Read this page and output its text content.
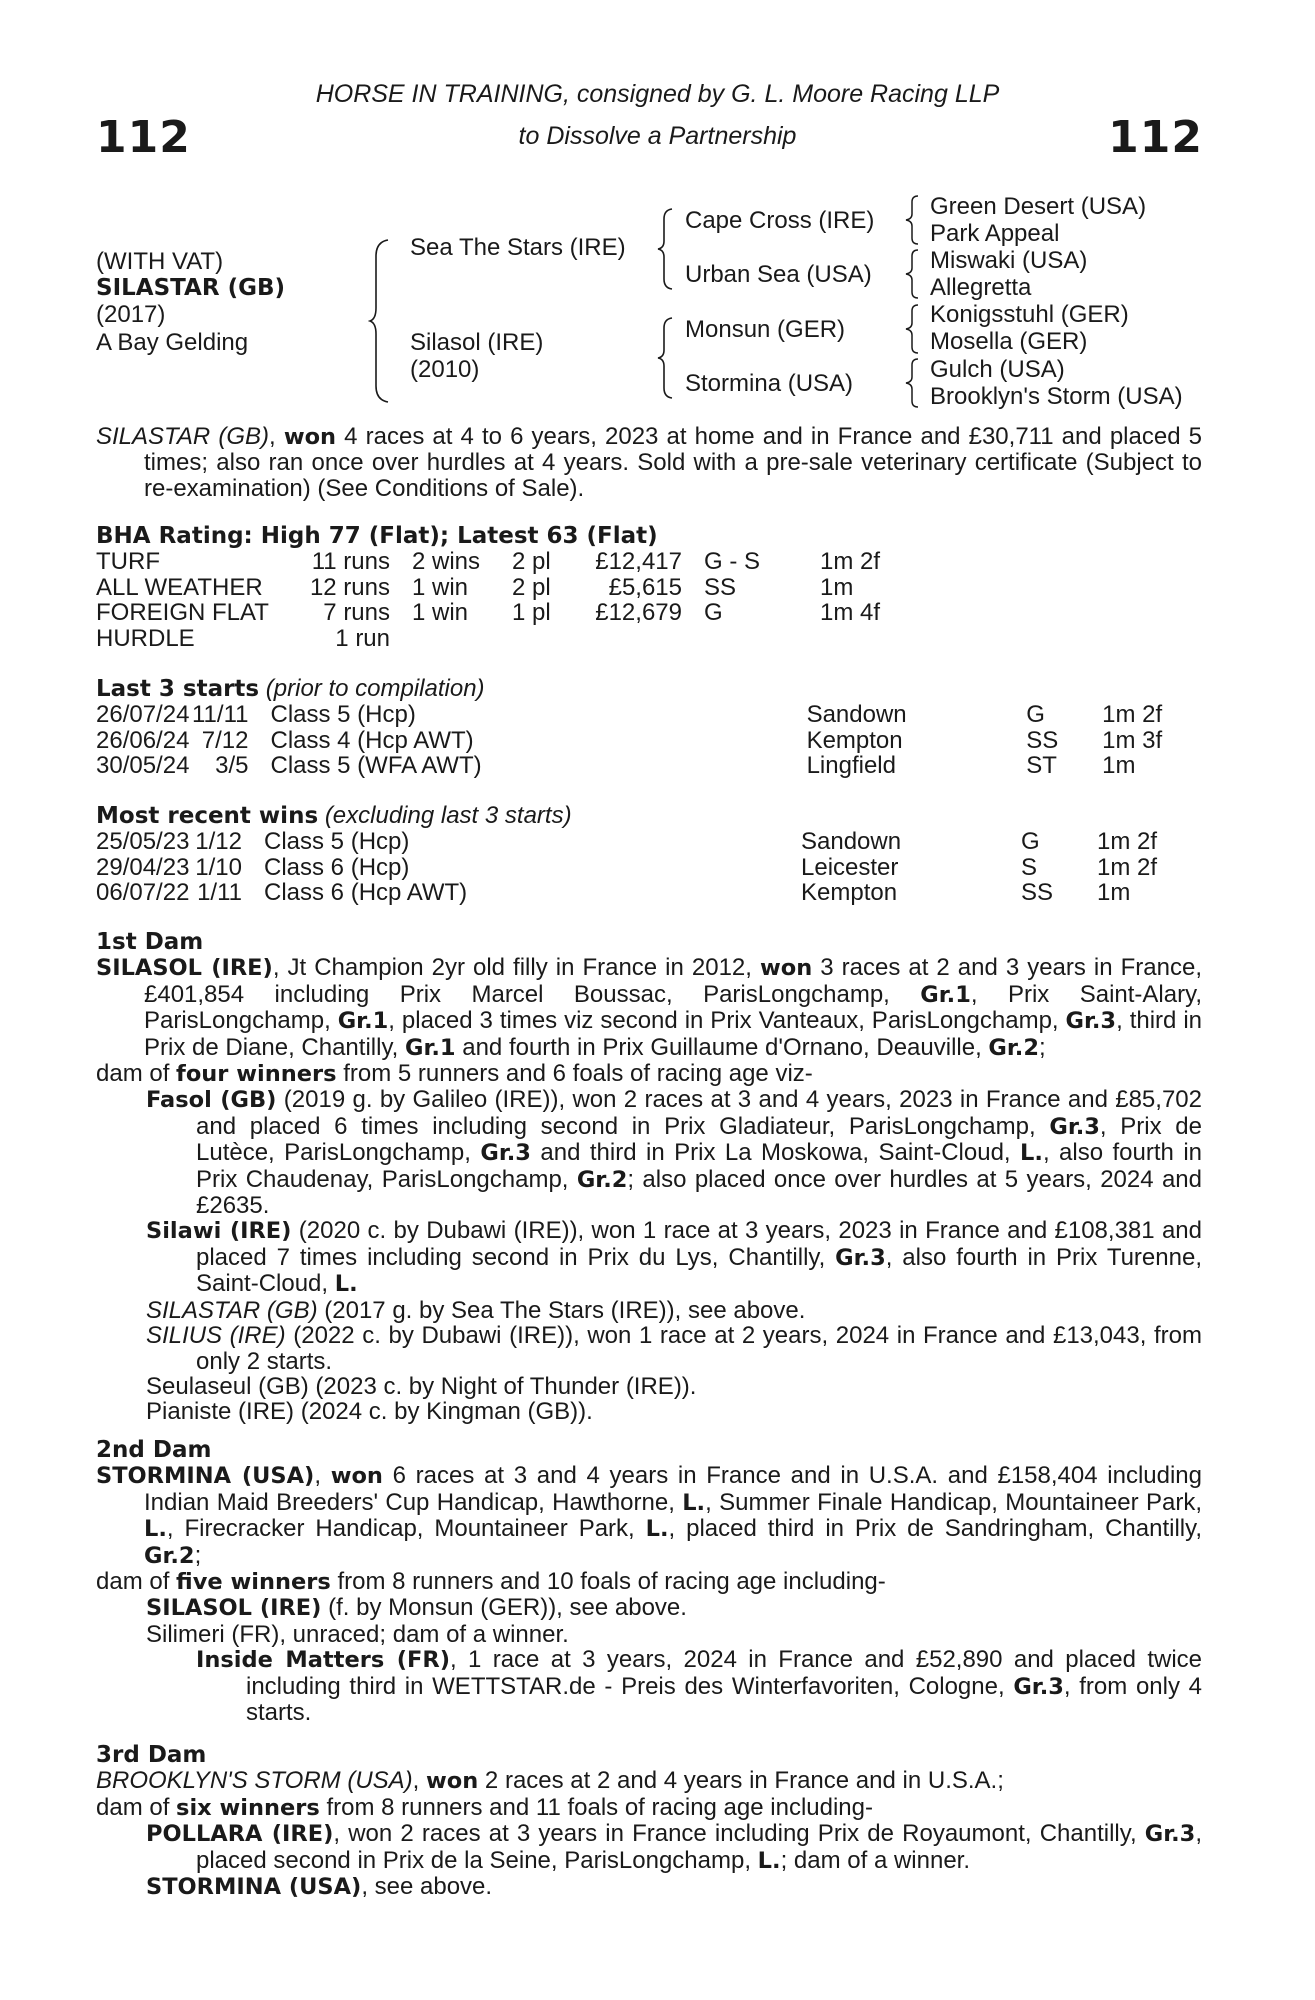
112	112
HORSE IN TRAINING, consigned by G. L. Moore Racing LLP
to Dissolve a Partnership
(WITH VAT)
SILASTAR (GB)
(2017)
A Bay Gelding
Sea The Stars (IRE)
Silasol (IRE)
(2010)
Cape Cross (IRE)
Urban Sea (USA)
Monsun (GER)
Stormina (USA)
Green Desert (USA)
Park Appeal
Miswaki (USA)
Allegretta
Konigsstuhl (GER)
Mosella (GER)
Gulch (USA)
Brooklyn's Storm (USA)

SILASTAR (GB), won 4 races at 4 to 6 years, 2023 at home and in France and £30,711 and placed 5 times; also ran once over hurdles at 4 years. Sold with a pre-sale veterinary certificate (Subject to re-examination) (See Conditions of Sale).

BHA Rating: High 77 (Flat); Latest 63 (Flat)
TURF	11 runs	2 wins	2 pl	£12,417	G - S	1m 2f
ALL WEATHER	12 runs	1 win	2 pl	£5,615	SS	1m
FOREIGN FLAT	7 runs	1 win	1 pl	£12,679	G	1m 4f
HURDLE	1 run					
Last 3 starts (prior to compilation)
26/07/24	11/11	Class 5 (Hcp)	Sandown	G	1m 2f
26/06/24	7/12	Class 4 (Hcp AWT)	Kempton	SS	1m 3f
30/05/24	3/5	Class 5 (WFA AWT)	Lingfield	ST	1m
Most recent wins (excluding last 3 starts)
25/05/23	1/12	Class 5 (Hcp)	Sandown	G	1m 2f
29/04/23	1/10	Class 6 (Hcp)	Leicester	S	1m 2f
06/07/22	1/11	Class 6 (Hcp AWT)	Kempton	SS	1m
1st Dam

SILASOL (IRE), Jt Champion 2yr old filly in France in 2012, won 3 races at 2 and 3 years in France, £401,854 including Prix Marcel Boussac, ParisLongchamp, Gr.1, Prix Saint-Alary, ParisLongchamp, Gr.1, placed 3 times viz second in Prix Vanteaux, ParisLongchamp, Gr.3, third in Prix de Diane, Chantilly, Gr.1 and fourth in Prix Guillaume d'Ornano, Deauville, Gr.2;

dam of four winners from 5 runners and 6 foals of racing age viz-

Fasol (GB) (2019 g. by Galileo (IRE)), won 2 races at 3 and 4 years, 2023 in France and £85,702 and placed 6 times including second in Prix Gladiateur, ParisLongchamp, Gr.3, Prix de Lutèce, ParisLongchamp, Gr.3 and third in Prix La Moskowa, Saint-Cloud, L., also fourth in Prix Chaudenay, ParisLongchamp, Gr.2; also placed once over hurdles at 5 years, 2024 and £2635.

Silawi (IRE) (2020 c. by Dubawi (IRE)), won 1 race at 3 years, 2023 in France and £108,381 and placed 7 times including second in Prix du Lys, Chantilly, Gr.3, also fourth in Prix Turenne, Saint-Cloud, L.

SILASTAR (GB) (2017 g. by Sea The Stars (IRE)), see above.

SILIUS (IRE) (2022 c. by Dubawi (IRE)), won 1 race at 2 years, 2024 in France and £13,043, from only 2 starts.

Seulaseul (GB) (2023 c. by Night of Thunder (IRE)).

Pianiste (IRE) (2024 c. by Kingman (GB)).

2nd Dam

STORMINA (USA), won 6 races at 3 and 4 years in France and in U.S.A. and £158,404 including Indian Maid Breeders' Cup Handicap, Hawthorne, L., Summer Finale Handicap, Mountaineer Park, L., Firecracker Handicap, Mountaineer Park, L., placed third in Prix de Sandringham, Chantilly, Gr.2;

dam of five winners from 8 runners and 10 foals of racing age including-

SILASOL (IRE) (f. by Monsun (GER)), see above.

Silimeri (FR), unraced; dam of a winner.

Inside Matters (FR), 1 race at 3 years, 2024 in France and £52,890 and placed twice including third in WETTSTAR.de - Preis des Winterfavoriten, Cologne, Gr.3, from only 4 starts.

3rd Dam

BROOKLYN'S STORM (USA), won 2 races at 2 and 4 years in France and in U.S.A.;

dam of six winners from 8 runners and 11 foals of racing age including-

POLLARA (IRE), won 2 races at 3 years in France including Prix de Royaumont, Chantilly, Gr.3, placed second in Prix de la Seine, ParisLongchamp, L.; dam of a winner.

STORMINA (USA), see above.
